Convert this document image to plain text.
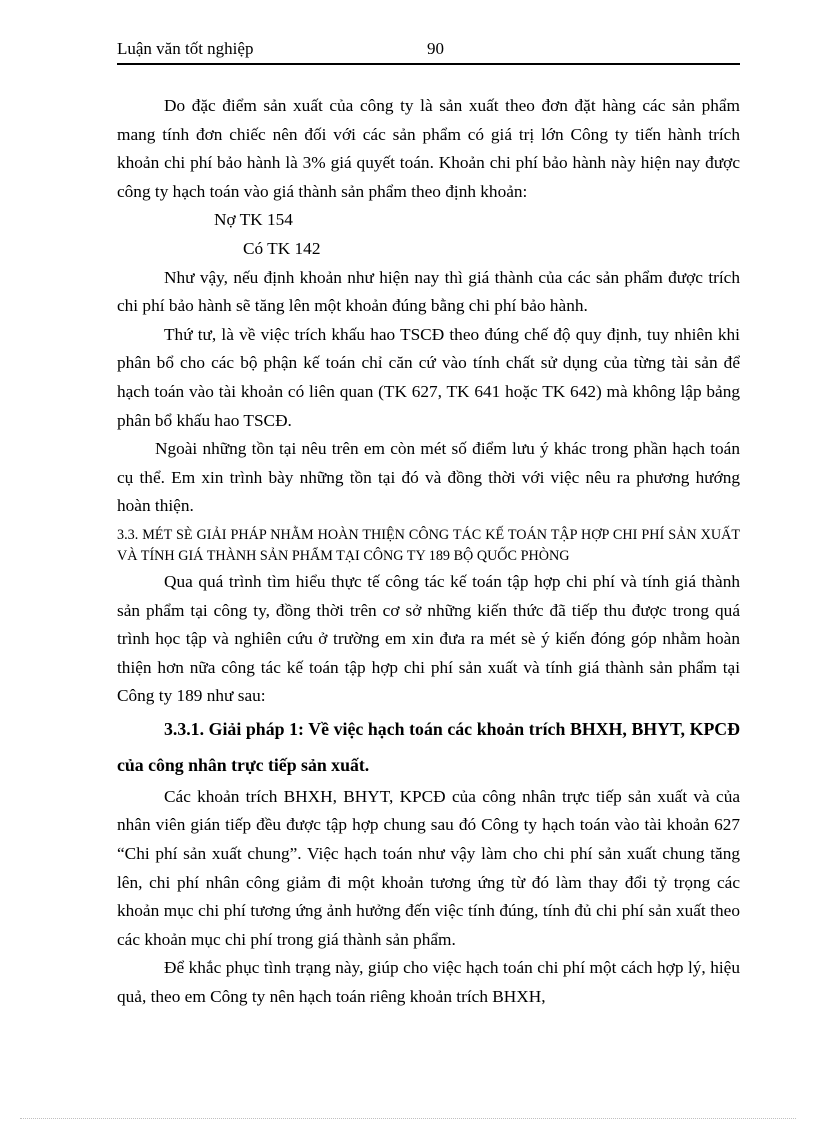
Luận văn tốt nghiệp	90

Do đặc điểm sản xuất của công ty là sản xuất theo đơn đặt hàng các sản phẩm mang tính đơn chiếc nên đối với các sản phẩm có giá trị lớn Công ty tiến hành trích khoản chi phí bảo hành là 3% giá quyết toán. Khoản chi phí bảo hành này hiện nay được công ty hạch toán vào giá thành sản phẩm theo định khoản:

Nợ TK 154

Có TK 142

Như vậy, nếu định khoản như hiện nay thì giá thành của các sản phẩm được trích chi phí bảo hành sẽ tăng lên một khoản đúng bằng chi phí bảo hành.

Thứ tư, là về việc trích khấu hao TSCĐ theo đúng chế độ quy định, tuy nhiên khi phân bổ cho các bộ phận kế toán chỉ căn cứ vào tính chất sử dụng của từng tài sản để hạch toán vào tài khoản có liên quan (TK 627, TK 641 hoặc TK 642) mà không lập bảng phân bổ khấu hao TSCĐ.

Ngoài những tồn tại nêu trên em còn mét số điểm lưu ý khác trong phần hạch toán cụ thể. Em xin trình bày những tồn tại đó và đồng thời với việc nêu ra phương hướng hoàn thiện.

3.3. MÉT SÈ GIẢI PHÁP NHẰM HOÀN THIỆN CÔNG TÁC KẾ TOÁN TẬP HỢP CHI PHÍ SẢN XUẤT VÀ TÍNH GIÁ THÀNH SẢN PHẨM TẠI CÔNG TY 189 BỘ QUỐC PHÒNG

Qua quá trình tìm hiểu thực tế công tác kế toán tập hợp chi phí và tính giá thành sản phẩm tại công ty, đồng thời trên cơ sở những kiến thức đã tiếp thu được trong quá trình học tập và nghiên cứu ở trường em xin đưa ra mét sè ý kiến đóng góp nhằm hoàn thiện hơn nữa công tác kế toán tập hợp chi phí sản xuất và tính giá thành sản phẩm tại Công ty 189 như sau:

3.3.1. Giải pháp 1: Về việc hạch toán các khoản trích BHXH, BHYT, KPCĐ của công nhân trực tiếp sản xuất.

Các khoản trích BHXH, BHYT, KPCĐ của công nhân trực tiếp sản xuất và của nhân viên gián tiếp đều được tập hợp chung sau đó Công ty hạch toán vào tài khoản 627 “Chi phí sản xuất chung”. Việc hạch toán như vậy làm cho chi phí sản xuất chung tăng lên, chi phí nhân công giảm đi một khoản tương ứng từ đó làm thay đổi tỷ trọng các khoản mục chi phí tương ứng ảnh hưởng đến việc tính đúng, tính đủ chi phí sản xuất theo các khoản mục chi phí trong giá thành sản phẩm.

Để khắc phục tình trạng này, giúp cho việc hạch toán chi phí một cách hợp lý, hiệu quả, theo em Công ty nên hạch toán riêng khoản trích BHXH,
